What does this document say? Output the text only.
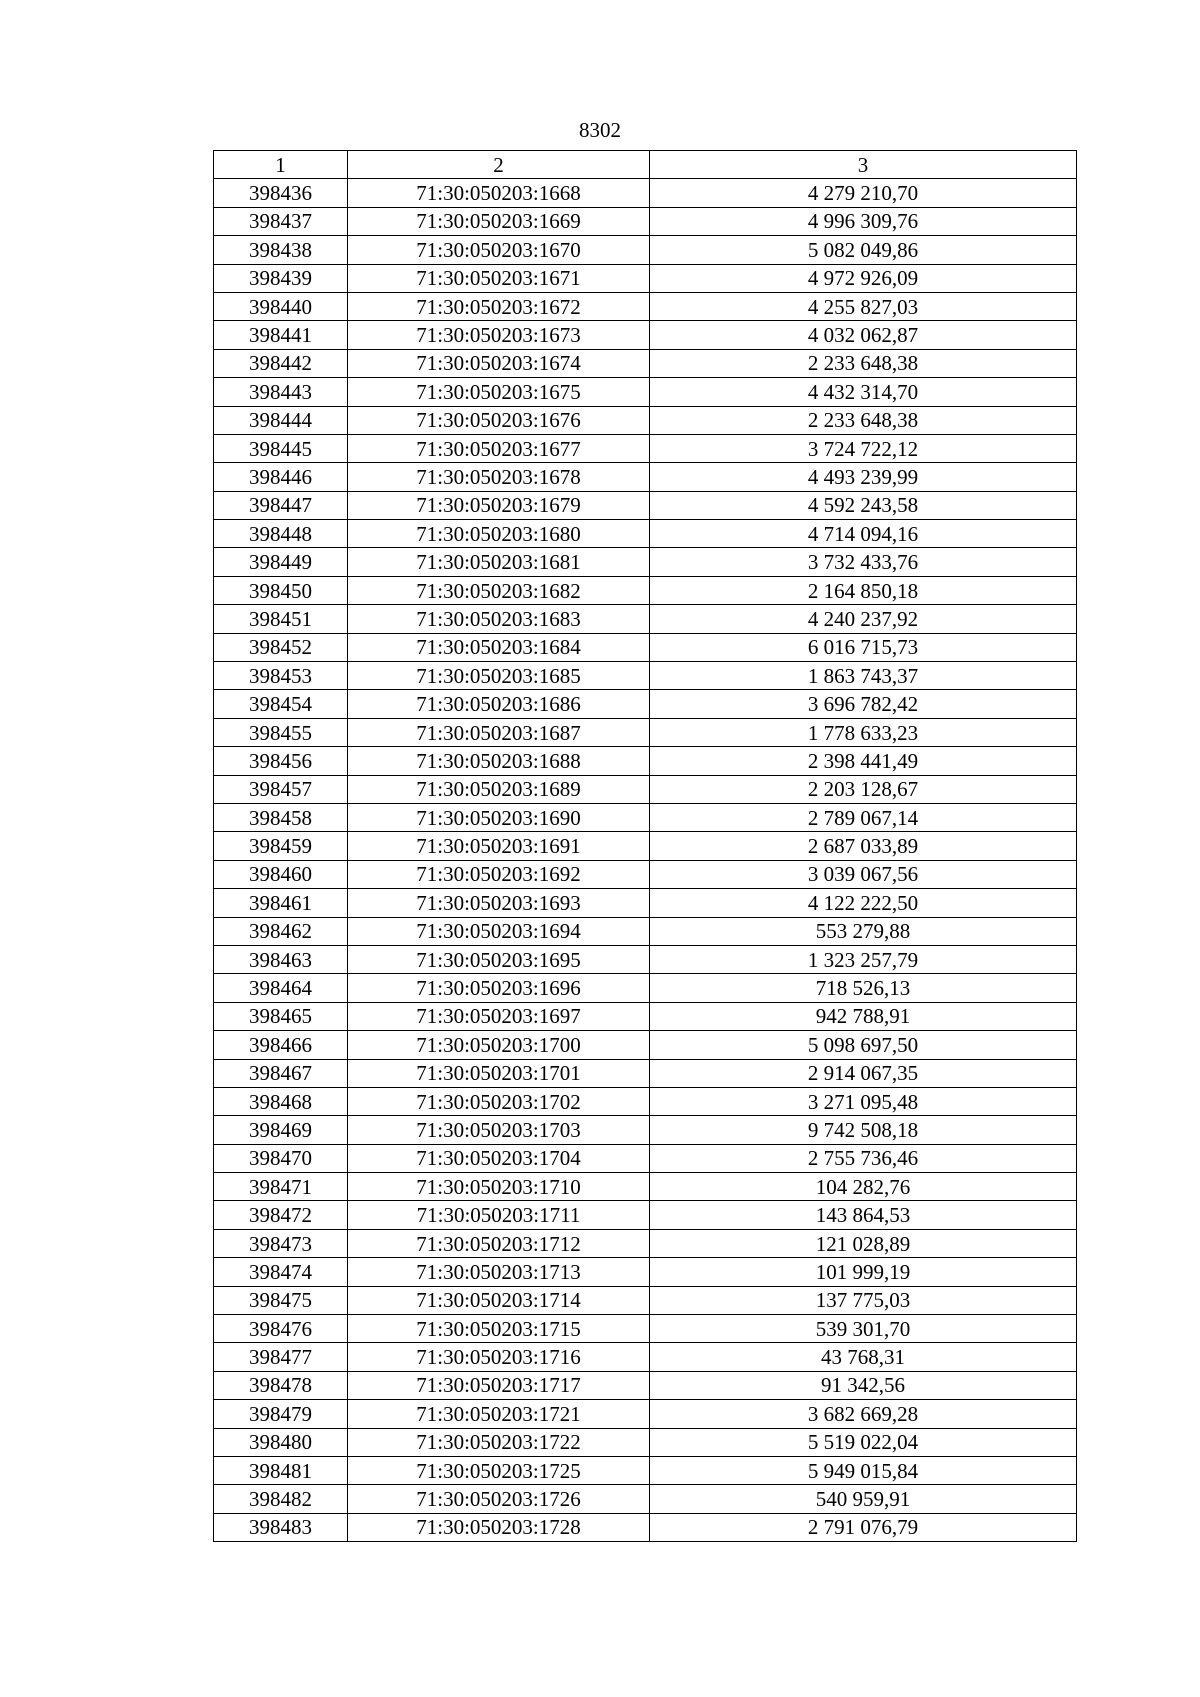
8302
1	2	3
398436	71:30:050203:1668	4 279 210,70
398437	71:30:050203:1669	4 996 309,76
398438	71:30:050203:1670	5 082 049,86
398439	71:30:050203:1671	4 972 926,09
398440	71:30:050203:1672	4 255 827,03
398441	71:30:050203:1673	4 032 062,87
398442	71:30:050203:1674	2 233 648,38
398443	71:30:050203:1675	4 432 314,70
398444	71:30:050203:1676	2 233 648,38
398445	71:30:050203:1677	3 724 722,12
398446	71:30:050203:1678	4 493 239,99
398447	71:30:050203:1679	4 592 243,58
398448	71:30:050203:1680	4 714 094,16
398449	71:30:050203:1681	3 732 433,76
398450	71:30:050203:1682	2 164 850,18
398451	71:30:050203:1683	4 240 237,92
398452	71:30:050203:1684	6 016 715,73
398453	71:30:050203:1685	1 863 743,37
398454	71:30:050203:1686	3 696 782,42
398455	71:30:050203:1687	1 778 633,23
398456	71:30:050203:1688	2 398 441,49
398457	71:30:050203:1689	2 203 128,67
398458	71:30:050203:1690	2 789 067,14
398459	71:30:050203:1691	2 687 033,89
398460	71:30:050203:1692	3 039 067,56
398461	71:30:050203:1693	4 122 222,50
398462	71:30:050203:1694	553 279,88
398463	71:30:050203:1695	1 323 257,79
398464	71:30:050203:1696	718 526,13
398465	71:30:050203:1697	942 788,91
398466	71:30:050203:1700	5 098 697,50
398467	71:30:050203:1701	2 914 067,35
398468	71:30:050203:1702	3 271 095,48
398469	71:30:050203:1703	9 742 508,18
398470	71:30:050203:1704	2 755 736,46
398471	71:30:050203:1710	104 282,76
398472	71:30:050203:1711	143 864,53
398473	71:30:050203:1712	121 028,89
398474	71:30:050203:1713	101 999,19
398475	71:30:050203:1714	137 775,03
398476	71:30:050203:1715	539 301,70
398477	71:30:050203:1716	43 768,31
398478	71:30:050203:1717	91 342,56
398479	71:30:050203:1721	3 682 669,28
398480	71:30:050203:1722	5 519 022,04
398481	71:30:050203:1725	5 949 015,84
398482	71:30:050203:1726	540 959,91
398483	71:30:050203:1728	2 791 076,79
